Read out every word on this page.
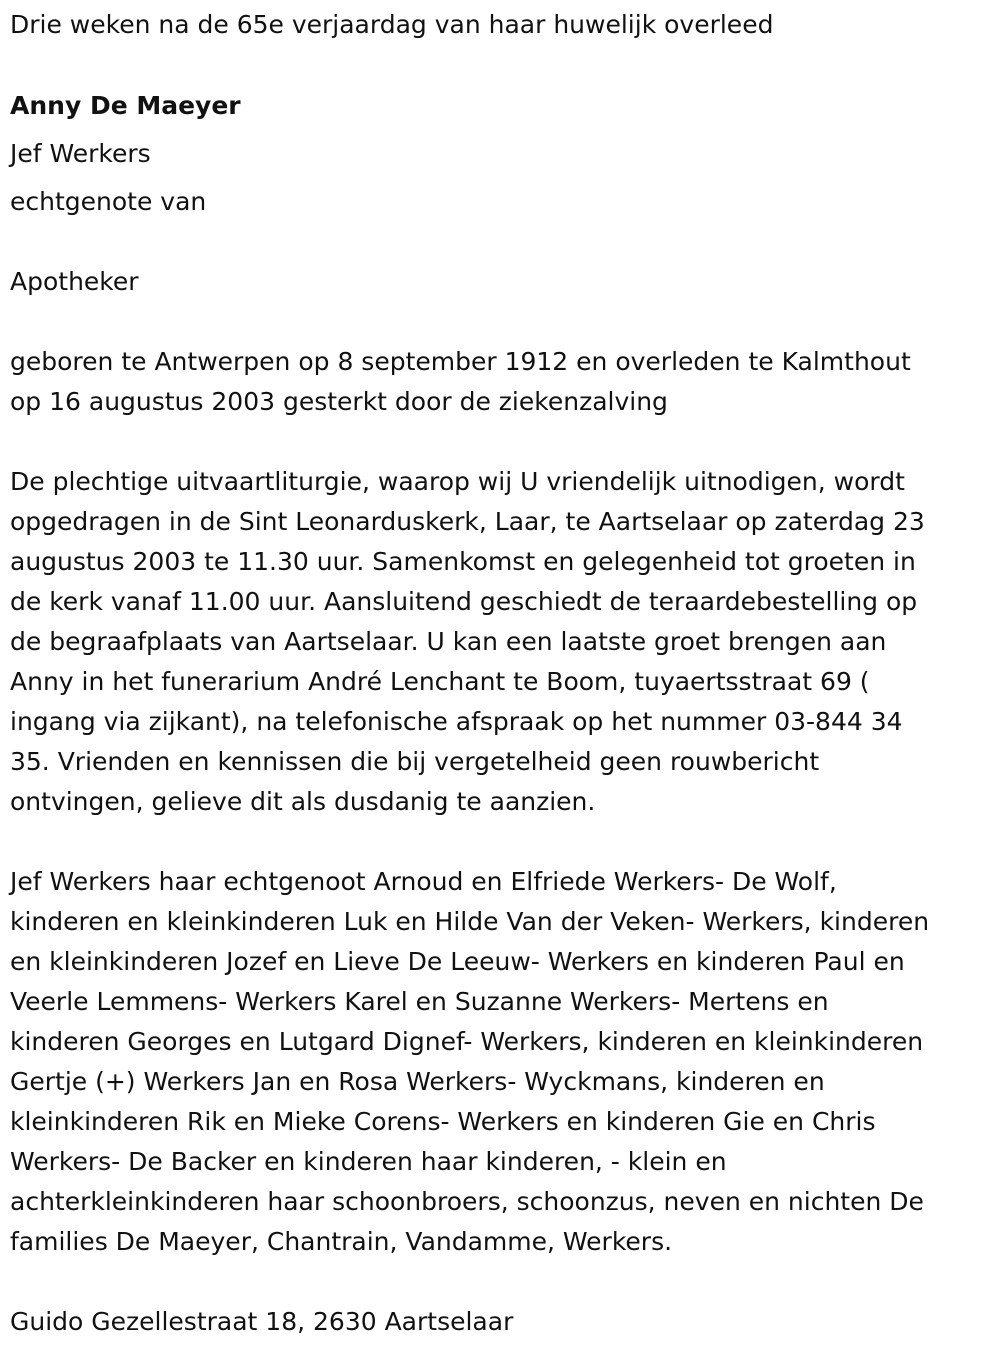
Drie weken na de 65e verjaardag van haar huwelijk overleed

Anny De Maeyer

Jef Werkers

echtgenote van

Apotheker

geboren te Antwerpen op 8 september 1912 en overleden te Kalmthout
op 16 augustus 2003 gesterkt door de ziekenzalving

De plechtige uitvaartliturgie, waarop wij U vriendelijk uitnodigen, wordt
opgedragen in de Sint Leonarduskerk, Laar, te Aartselaar op zaterdag 23
augustus 2003 te 11.30 uur. Samenkomst en gelegenheid tot groeten in
de kerk vanaf 11.00 uur. Aansluitend geschiedt de teraardebestelling op
de begraafplaats van Aartselaar. U kan een laatste groet brengen aan
Anny in het funerarium André Lenchant te Boom, tuyaertsstraat 69 (
ingang via zijkant), na telefonische afspraak op het nummer 03-844 34
35. Vrienden en kennissen die bij vergetelheid geen rouwbericht
ontvingen, gelieve dit als dusdanig te aanzien.

Jef Werkers haar echtgenoot Arnoud en Elfriede Werkers- De Wolf,
kinderen en kleinkinderen Luk en Hilde Van der Veken- Werkers, kinderen
en kleinkinderen Jozef en Lieve De Leeuw- Werkers en kinderen Paul en
Veerle Lemmens- Werkers Karel en Suzanne Werkers- Mertens en
kinderen Georges en Lutgard Dignef- Werkers, kinderen en kleinkinderen
Gertje (+) Werkers Jan en Rosa Werkers- Wyckmans, kinderen en
kleinkinderen Rik en Mieke Corens- Werkers en kinderen Gie en Chris
Werkers- De Backer en kinderen haar kinderen, - klein en
achterkleinkinderen haar schoonbroers, schoonzus, neven en nichten De
families De Maeyer, Chantrain, Vandamme, Werkers.

Guido Gezellestraat 18, 2630 Aartselaar
